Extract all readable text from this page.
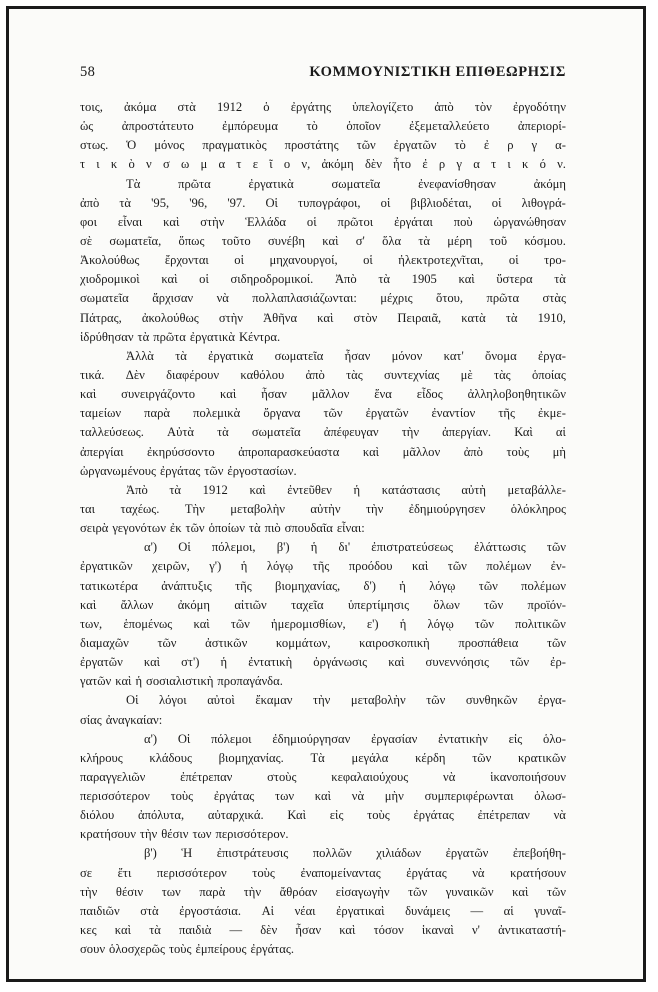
58	ΚΟΜΜΟΥΝΙΣΤΙΚΗ ΕΠΙΘΕΩΡΗΣΙΣ
τοις, ἀκόμα στὰ 1912 ὁ ἐργάτης ὑπελογίζετο ἀπὸ τὸν ἐργοδότην
ὡς ἀπροστάτευτο ἐμπόρευμα τὸ ὁποῖον ἐξεμεταλλεύετο ἀπεριορί-
στως. Ὁ μόνος πραγματικὸς προστάτης τῶν ἐργατῶν τὸ ἐ ρ γ α-
τ ι κ ὸ ν σ ω μ α τ ε ῖ ο ν, ἀκόμη δὲν ἦτο ἐ ρ γ α τ ι κ ό ν.
Τὰ	πρῶτα	ἐργατικὰ	σωματεῖα	ἐνεφανίσθησαν	ἀκόμη
ἀπὸ τὰ '95, '96, '97. Οἱ τυπογράφοι, οἱ βιβλιοδέται, οἱ λιθογρά-
φοι εἶναι καὶ στὴν Ἑλλάδα οἱ πρῶτοι ἐργάται ποὺ ὠργανώθησαν
σὲ σωματεῖα, ὅπως τοῦτο συνέβη καὶ σ' ὅλα τὰ μέρη τοῦ κόσμου.
Ἀκολούθως ἔρχονται οἱ μηχανουργοί, οἱ ἠλεκτροτεχνῖται, οἱ τρο-
χιοδρομικοὶ καὶ οἱ σιδηροδρομικοί. Ἀπὸ τὰ 1905 καὶ ὕστερα τὰ
σωματεῖα ἄρχισαν νὰ πολλαπλασιάζωνται: μέχρις ὅτου, πρῶτα στὰς
Πάτρας, ἀκολούθως στὴν Ἀθῆνα καὶ στὸν Πειραιᾶ, κατὰ τὰ 1910,
ἱδρύθησαν τὰ πρῶτα ἐργατικὰ Κέντρα.
Ἀλλὰ τὰ ἐργατικὰ σωματεῖα ἦσαν μόνον κατ' ὄνομα ἐργα-
τικά. Δὲν διαφέρουν καθόλου ἀπὸ τὰς συντεχνίας μὲ τὰς ὁποίας
καὶ συνειργάζοντο καὶ ἦσαν μᾶλλον ἕνα εἶδος ἀλληλοβοηθητικῶν
ταμείων παρὰ πολεμικὰ ὄργανα τῶν ἐργατῶν ἐναντίον τῆς ἐκμε-
ταλλεύσεως. Αὐτὰ τὰ σωματεῖα ἀπέφευγαν τὴν ἀπεργίαν. Καὶ αἱ
ἀπεργίαι ἐκηρύσσοντο ἀπροπαρασκεύαστα καὶ μᾶλλον ἀπὸ τοὺς μὴ
ὠργανωμένους ἐργάτας τῶν ἐργοστασίων.
Ἀπὸ τὰ 1912 καὶ ἐντεῦθεν ἡ κατάστασις αὐτὴ μεταβάλλε-
ται ταχέως. Τὴν μεταβολὴν αὐτὴν τὴν ἐδημιούργησεν ὁλόκληρος
σειρὰ γεγονότων ἐκ τῶν ὁποίων τὰ πιὸ σπουδαῖα εἶναι:
α') Οἱ πόλεμοι, β') ἡ δι' ἐπιστρατεύσεως ἐλάττωσις τῶν
ἐργατικῶν χειρῶν, γ') ἡ λόγῳ τῆς προόδου καὶ τῶν πολέμων ἐν-
τατικωτέρα ἀνάπτυξις τῆς βιομηχανίας, δ') ἡ λόγῳ τῶν πολέμων
καὶ ἄλλων ἀκόμη αἰτιῶν ταχεῖα ὑπερτίμησις ὅλων τῶν προϊόν-
των, ἑπομένως καὶ τῶν ἡμερομισθίων, ε') ἡ λόγῳ τῶν πολιτικῶν
διαμαχῶν τῶν ἀστικῶν κομμάτων, καιροσκοπικὴ προσπάθεια τῶν
ἐργατῶν καὶ στ') ἡ ἐντατικὴ ὀργάνωσις καὶ συνεννόησις τῶν ἐρ-
γατῶν καὶ ἡ σοσιαλιστικὴ προπαγάνδα.
Οἱ λόγοι αὐτοὶ ἔκαμαν τὴν μεταβολὴν τῶν συνθηκῶν ἐργα-
σίας ἀναγκαίαν:
α') Οἱ πόλεμοι ἐδημιούργησαν ἐργασίαν ἐντατικὴν εἰς ὁλο-
κλήρους κλάδους βιομηχανίας. Τὰ μεγάλα κέρδη τῶν κρατικῶν
παραγγελιῶν	ἐπέτρεπαν	στοὺς	κεφαλαιούχους	νὰ	ἱκανοποιήσουν
περισσότερον τοὺς ἐργάτας των καὶ νὰ μὴν συμπεριφέρωνται ὁλωσ-
διόλου ἀπόλυτα, αὐταρχικά. Καὶ εἰς τοὺς ἐργάτας ἐπέτρεπαν νὰ
κρατήσουν τὴν θέσιν των περισσότερον.
β') Ἡ ἐπιστράτευσις πολλῶν χιλιάδων ἐργατῶν ἐπεβοήθη-
σε ἔτι περισσότερον τοὺς ἐναπομείναντας ἐργάτας νὰ κρατήσουν
τὴν θέσιν των παρὰ τὴν ἄθρόαν εἰσαγωγὴν τῶν γυναικῶν καὶ τῶν
παιδιῶν στὰ ἐργοστάσια. Αἱ νέαι ἐργατικαὶ δυνάμεις — αἱ γυναῖ-
κες καὶ τὰ παιδιὰ — δὲν ἦσαν καὶ τόσον ἱκαναὶ ν' ἀντικαταστή-
σουν ὁλοσχερῶς τοὺς ἐμπείρους ἐργάτας.
